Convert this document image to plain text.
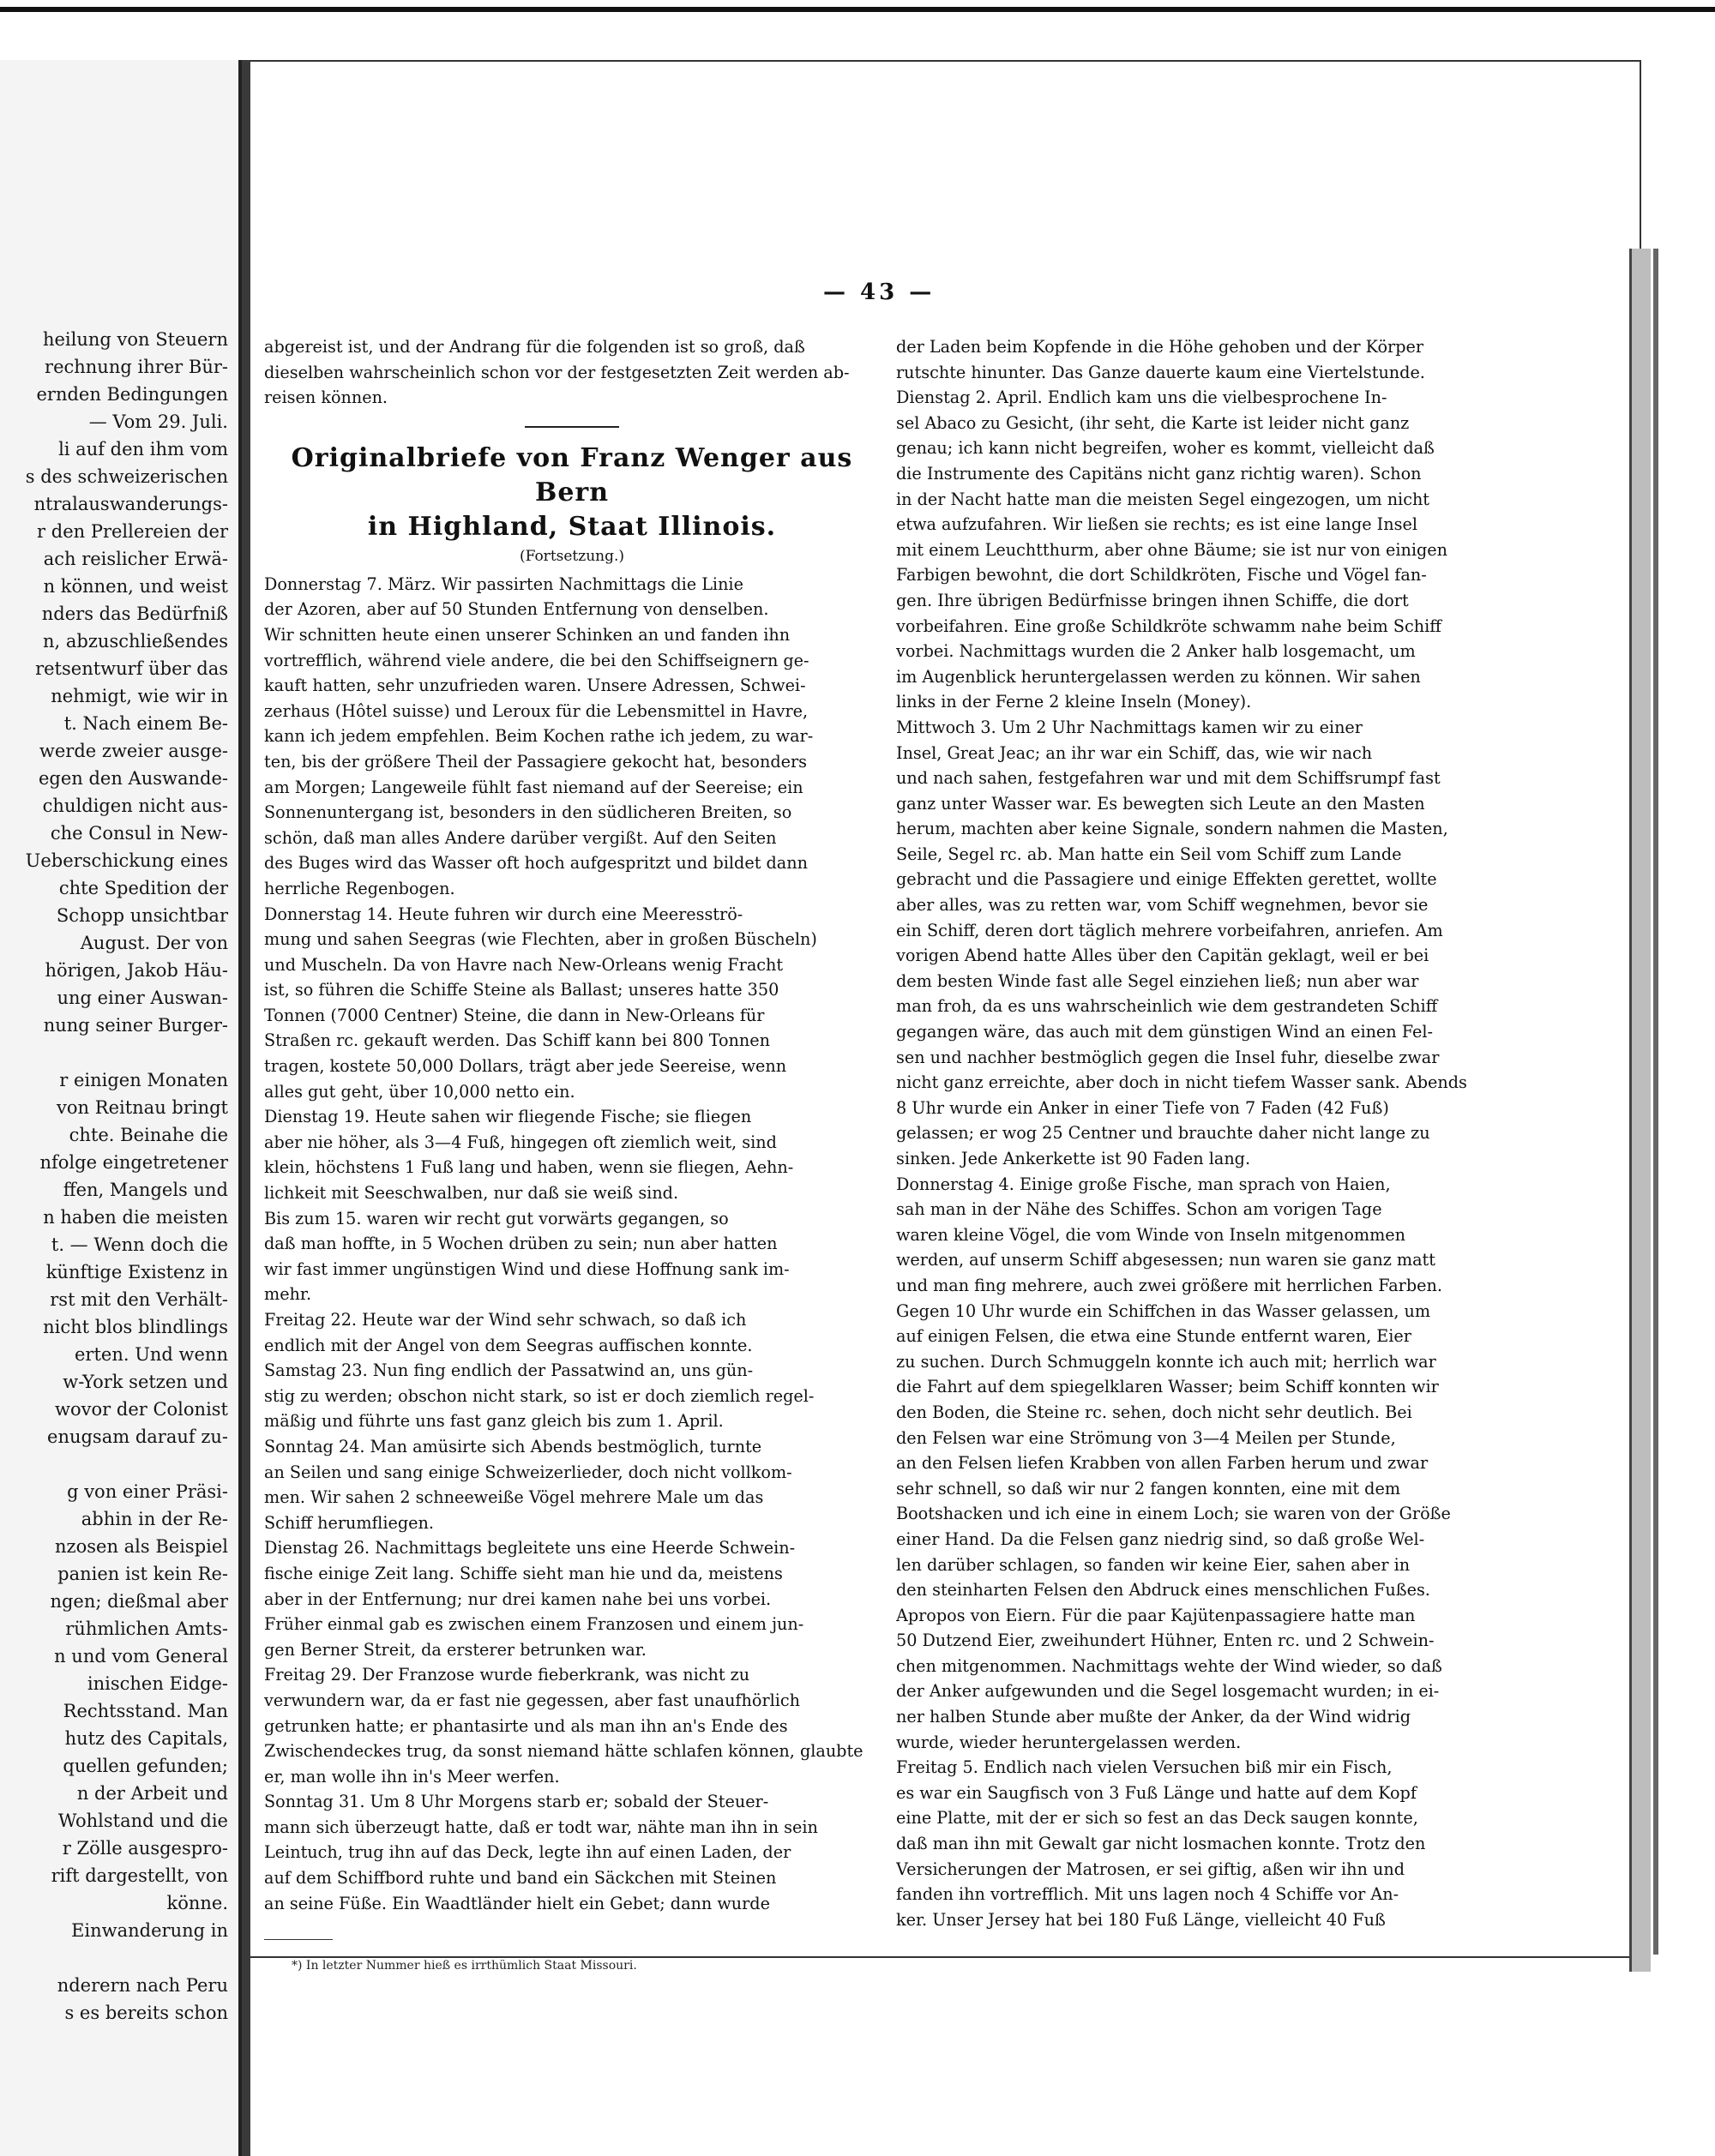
heilung von Steuern
rechnung ihrer Bür-
ernden Bedingungen
— Vom 29. Juli.
li auf den ihm vom
s des schweizerischen
ntralauswanderungs-
r den Prellereien der
ach reislicher Erwä-
n können, und weist
nders das Bedürfniß
n, abzuschließendes
retsentwurf über das
nehmigt, wie wir in
t. Nach einem Be-
werde zweier ausge-
egen den Auswande-
chuldigen nicht aus-
che Consul in New-
Ueberschickung eines
chte Spedition der
Schopp unsichtbar
August. Der von
hörigen, Jakob Häu-
ung einer Auswan-
nung seiner Burger-

r einigen Monaten
von Reitnau bringt
chte. Beinahe die
nfolge eingetretener
ffen, Mangels und
n haben die meisten
t. — Wenn doch die
künftige Existenz in
rst mit den Verhält-
nicht blos blindlings
erten. Und wenn
w-York setzen und
wovor der Colonist
enugsam darauf zu-

g von einer Präsi-
abhin in der Re-
nzosen als Beispiel
panien ist kein Re-
ngen; dießmal aber
rühmlichen Amts-
n und vom General
inischen Eidge-
Rechtsstand. Man
hutz des Capitals,
quellen gefunden;
n der Arbeit und
Wohlstand und die
r Zölle ausgespro-
rift dargestellt, von
könne.
Einwanderung in

nderern nach Peru
s es bereits schon
— 43 —
abgereist ist, und der Andrang für die folgenden ist so groß, daß
dieselben wahrscheinlich schon vor der festgesetzten Zeit werden ab-
reisen können.
Originalbriefe von Franz Wenger aus Bern
in Highland, Staat Illinois.
(Fortsetzung.)
Donnerstag 7. März. Wir passirten Nachmittags die Linie
der Azoren, aber auf 50 Stunden Entfernung von denselben.
Wir schnitten heute einen unserer Schinken an und fanden ihn
vortrefflich, während viele andere, die bei den Schiffseignern ge-
kauft hatten, sehr unzufrieden waren. Unsere Adressen, Schwei-
zerhaus (Hôtel suisse) und Leroux für die Lebensmittel in Havre,
kann ich jedem empfehlen. Beim Kochen rathe ich jedem, zu war-
ten, bis der größere Theil der Passagiere gekocht hat, besonders
am Morgen; Langeweile fühlt fast niemand auf der Seereise; ein
Sonnenuntergang ist, besonders in den südlicheren Breiten, so
schön, daß man alles Andere darüber vergißt. Auf den Seiten
des Buges wird das Wasser oft hoch aufgespritzt und bildet dann
herrliche Regenbogen.
Donnerstag 14. Heute fuhren wir durch eine Meeresströ-
mung und sahen Seegras (wie Flechten, aber in großen Büscheln)
und Muscheln. Da von Havre nach New-Orleans wenig Fracht
ist, so führen die Schiffe Steine als Ballast; unseres hatte 350
Tonnen (7000 Centner) Steine, die dann in New-Orleans für
Straßen rc. gekauft werden. Das Schiff kann bei 800 Tonnen
tragen, kostete 50,000 Dollars, trägt aber jede Seereise, wenn
alles gut geht, über 10,000 netto ein.
Dienstag 19. Heute sahen wir fliegende Fische; sie fliegen
aber nie höher, als 3—4 Fuß, hingegen oft ziemlich weit, sind
klein, höchstens 1 Fuß lang und haben, wenn sie fliegen, Aehn-
lichkeit mit Seeschwalben, nur daß sie weiß sind.
Bis zum 15. waren wir recht gut vorwärts gegangen, so
daß man hoffte, in 5 Wochen drüben zu sein; nun aber hatten
wir fast immer ungünstigen Wind und diese Hoffnung sank im-
mehr.
Freitag 22. Heute war der Wind sehr schwach, so daß ich
endlich mit der Angel von dem Seegras auffischen konnte.
Samstag 23. Nun fing endlich der Passatwind an, uns gün-
stig zu werden; obschon nicht stark, so ist er doch ziemlich regel-
mäßig und führte uns fast ganz gleich bis zum 1. April.
Sonntag 24. Man amüsirte sich Abends bestmöglich, turnte
an Seilen und sang einige Schweizerlieder, doch nicht vollkom-
men. Wir sahen 2 schneeweiße Vögel mehrere Male um das
Schiff herumfliegen.
Dienstag 26. Nachmittags begleitete uns eine Heerde Schwein-
fische einige Zeit lang. Schiffe sieht man hie und da, meistens
aber in der Entfernung; nur drei kamen nahe bei uns vorbei.
Früher einmal gab es zwischen einem Franzosen und einem jun-
gen Berner Streit, da ersterer betrunken war.
Freitag 29. Der Franzose wurde fieberkrank, was nicht zu
verwundern war, da er fast nie gegessen, aber fast unaufhörlich
getrunken hatte; er phantasirte und als man ihn an's Ende des
Zwischendeckes trug, da sonst niemand hätte schlafen können, glaubte
er, man wolle ihn in's Meer werfen.
Sonntag 31. Um 8 Uhr Morgens starb er; sobald der Steuer-
mann sich überzeugt hatte, daß er todt war, nähte man ihn in sein
Leintuch, trug ihn auf das Deck, legte ihn auf einen Laden, der
auf dem Schiffbord ruhte und band ein Säckchen mit Steinen
an seine Füße. Ein Waadtländer hielt ein Gebet; dann wurde
der Laden beim Kopfende in die Höhe gehoben und der Körper
rutschte hinunter. Das Ganze dauerte kaum eine Viertelstunde.
Dienstag 2. April. Endlich kam uns die vielbesprochene In-
sel Abaco zu Gesicht, (ihr seht, die Karte ist leider nicht ganz
genau; ich kann nicht begreifen, woher es kommt, vielleicht daß
die Instrumente des Capitäns nicht ganz richtig waren). Schon
in der Nacht hatte man die meisten Segel eingezogen, um nicht
etwa aufzufahren. Wir ließen sie rechts; es ist eine lange Insel
mit einem Leuchtthurm, aber ohne Bäume; sie ist nur von einigen
Farbigen bewohnt, die dort Schildkröten, Fische und Vögel fan-
gen. Ihre übrigen Bedürfnisse bringen ihnen Schiffe, die dort
vorbeifahren. Eine große Schildkröte schwamm nahe beim Schiff
vorbei. Nachmittags wurden die 2 Anker halb losgemacht, um
im Augenblick heruntergelassen werden zu können. Wir sahen
links in der Ferne 2 kleine Inseln (Money).
Mittwoch 3. Um 2 Uhr Nachmittags kamen wir zu einer
Insel, Great Jeac; an ihr war ein Schiff, das, wie wir nach
und nach sahen, festgefahren war und mit dem Schiffsrumpf fast
ganz unter Wasser war. Es bewegten sich Leute an den Masten
herum, machten aber keine Signale, sondern nahmen die Masten,
Seile, Segel rc. ab. Man hatte ein Seil vom Schiff zum Lande
gebracht und die Passagiere und einige Effekten gerettet, wollte
aber alles, was zu retten war, vom Schiff wegnehmen, bevor sie
ein Schiff, deren dort täglich mehrere vorbeifahren, anriefen. Am
vorigen Abend hatte Alles über den Capitän geklagt, weil er bei
dem besten Winde fast alle Segel einziehen ließ; nun aber war
man froh, da es uns wahrscheinlich wie dem gestrandeten Schiff
gegangen wäre, das auch mit dem günstigen Wind an einen Fel-
sen und nachher bestmöglich gegen die Insel fuhr, dieselbe zwar
nicht ganz erreichte, aber doch in nicht tiefem Wasser sank. Abends
8 Uhr wurde ein Anker in einer Tiefe von 7 Faden (42 Fuß)
gelassen; er wog 25 Centner und brauchte daher nicht lange zu
sinken. Jede Ankerkette ist 90 Faden lang.
Donnerstag 4. Einige große Fische, man sprach von Haien,
sah man in der Nähe des Schiffes. Schon am vorigen Tage
waren kleine Vögel, die vom Winde von Inseln mitgenommen
werden, auf unserm Schiff abgesessen; nun waren sie ganz matt
und man fing mehrere, auch zwei größere mit herrlichen Farben.
Gegen 10 Uhr wurde ein Schiffchen in das Wasser gelassen, um
auf einigen Felsen, die etwa eine Stunde entfernt waren, Eier
zu suchen. Durch Schmuggeln konnte ich auch mit; herrlich war
die Fahrt auf dem spiegelklaren Wasser; beim Schiff konnten wir
den Boden, die Steine rc. sehen, doch nicht sehr deutlich. Bei
den Felsen war eine Strömung von 3—4 Meilen per Stunde,
an den Felsen liefen Krabben von allen Farben herum und zwar
sehr schnell, so daß wir nur 2 fangen konnten, eine mit dem
Bootshacken und ich eine in einem Loch; sie waren von der Größe
einer Hand. Da die Felsen ganz niedrig sind, so daß große Wel-
len darüber schlagen, so fanden wir keine Eier, sahen aber in
den steinharten Felsen den Abdruck eines menschlichen Fußes.
Apropos von Eiern. Für die paar Kajütenpassagiere hatte man
50 Dutzend Eier, zweihundert Hühner, Enten rc. und 2 Schwein-
chen mitgenommen. Nachmittags wehte der Wind wieder, so daß
der Anker aufgewunden und die Segel losgemacht wurden; in ei-
ner halben Stunde aber mußte der Anker, da der Wind widrig
wurde, wieder heruntergelassen werden.
Freitag 5. Endlich nach vielen Versuchen biß mir ein Fisch,
es war ein Saugfisch von 3 Fuß Länge und hatte auf dem Kopf
eine Platte, mit der er sich so fest an das Deck saugen konnte,
daß man ihn mit Gewalt gar nicht losmachen konnte. Trotz den
Versicherungen der Matrosen, er sei giftig, aßen wir ihn und
fanden ihn vortrefflich. Mit uns lagen noch 4 Schiffe vor An-
ker. Unser Jersey hat bei 180 Fuß Länge, vielleicht 40 Fuß
*) In letzter Nummer hieß es irrthümlich Staat Missouri.
